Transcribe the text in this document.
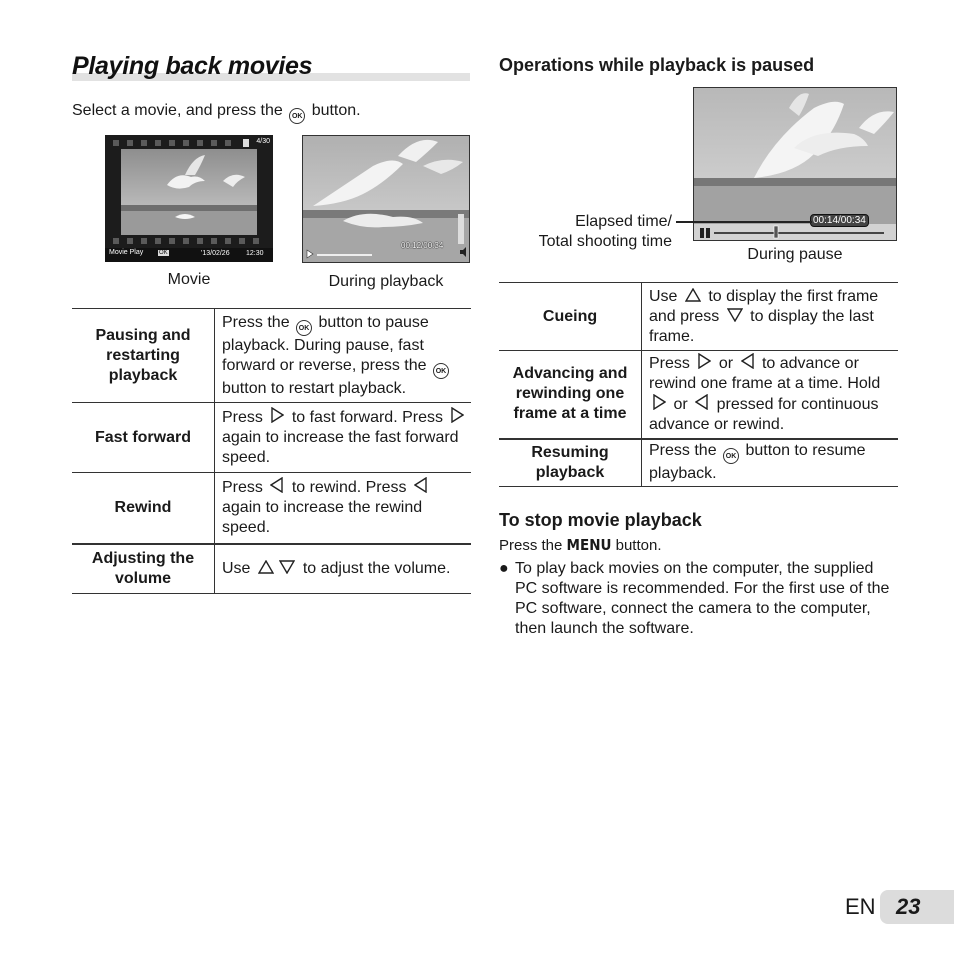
Playing back movies
Select a movie, and press the OK button.
4/30
Movie Play	OK	'13/02/26 12:30
Movie
00:12/00:34
During playback
Pausing and restarting playback	Press the OK button to pause playback. During pause, fast forward or reverse, press the OK button to restart playback.
Fast forward	Press to fast forward. Press  again to increase the fast forward speed.
Rewind	Press to rewind. Press  again to increase the rewind speed.
Adjusting the volume	Use to adjust the volume.
Operations while playback is paused
00:14/00:34
Elapsed time/
Total shooting time
During pause
Cueing	Use to display the first frame and press to display the last frame.
Advancing and rewinding one frame at a time	Press or to advance or rewind one frame at a time. Hold  or pressed for continuous advance or rewind.
Resuming playback	Press the OK button to resume playback.
To stop movie playback
Press the MENU button.
● To play back movies on the computer, the supplied PC software is recommended. For the first use of the PC software, connect the camera to the computer, then launch the software.
EN 23
